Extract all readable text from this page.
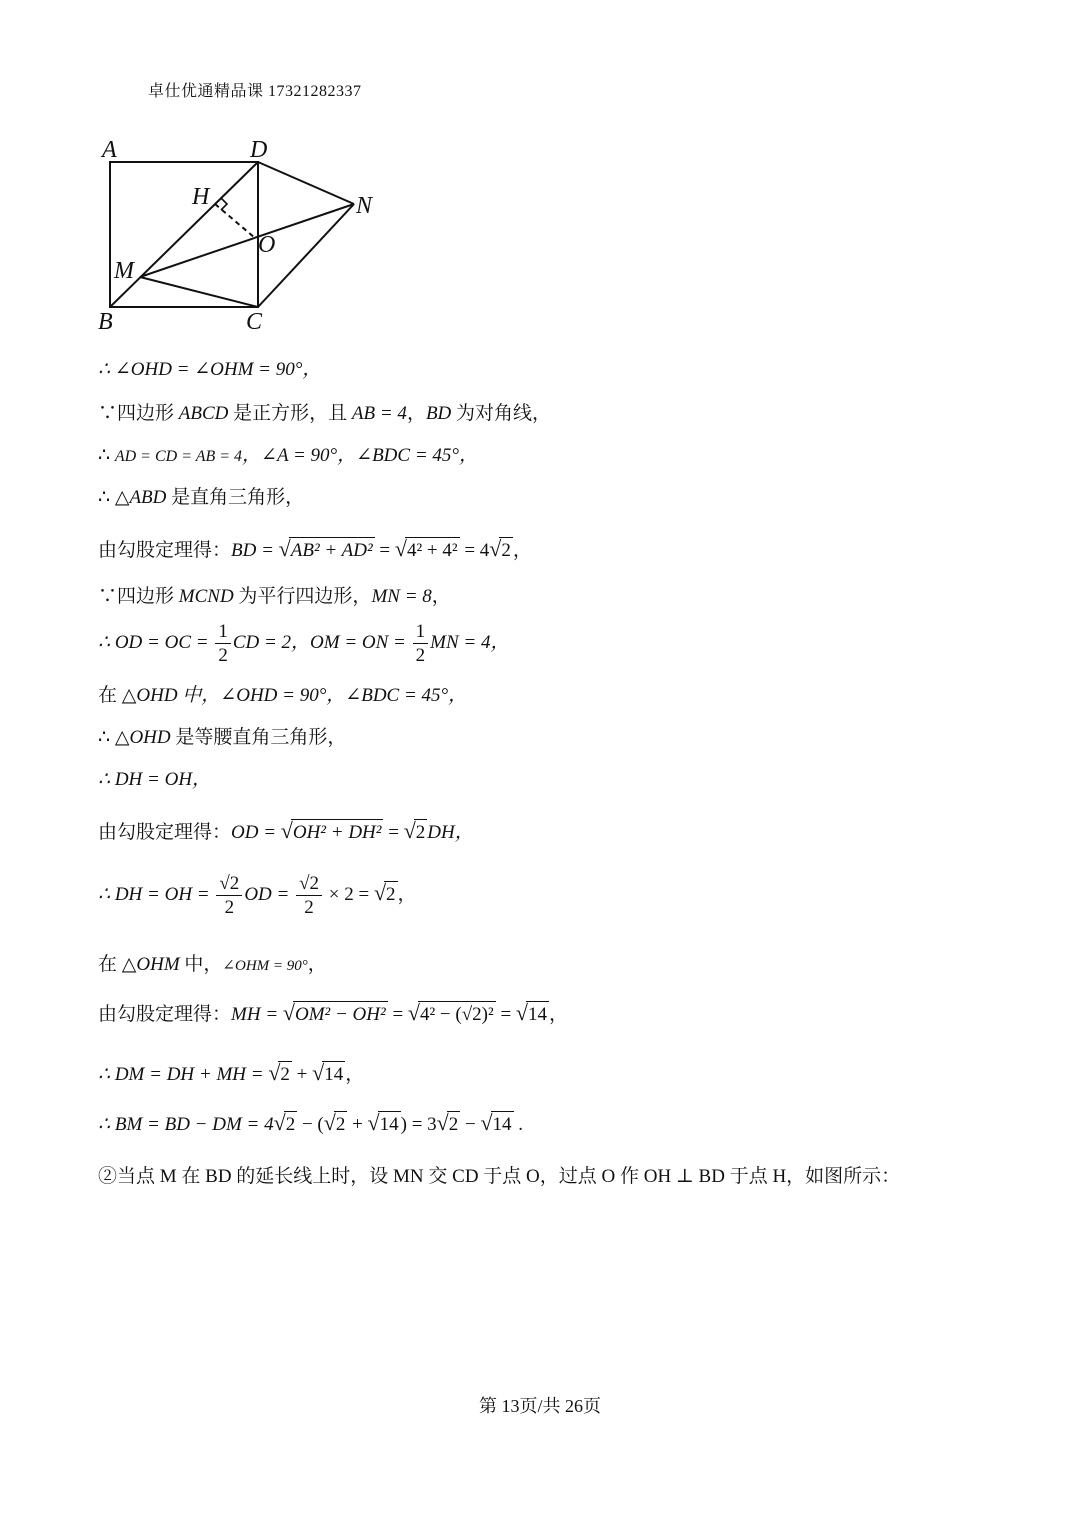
卓仕优通精品课 17321282337
A	D
H	N
O
M
B	C
∴ ∠OHD = ∠OHM = 90°，
∵四边形 ABCD 是正方形，且 AB = 4，BD 为对角线，
∴ AD = CD = AB = 4，∠A = 90°，∠BDC = 45°，
∴ △ABD 是直角三角形，
由勾股定理得：BD = √AB² + AD² = √4² + 4² = 4√2 ，
∵四边形 MCND 为平行四边形，MN = 8，
∴ OD = OC = $\frac{1}{2}$ CD = 2，OM = ON = $\frac{1}{2}$ MN = 4，
在 △OHD 中，∠OHD = 90°，∠BDC = 45°，
∴ △OHD 是等腰直角三角形，
∴ DH = OH，
由勾股定理得：OD = √OH² + DH² = √2 DH，
∴ DH = OH = $\frac{√2}{2}$ OD = $\frac{√2}{2} \times 2 = √2$ ，
在 △OHM 中，∠OHM = 90°，
由勾股定理得：MH = √OM² − OH² = √4² − (√2)² = √14 ，
∴ DM = DH + MH = √2 + √14 ，
∴ BM = BD − DM = 4√2 − (√2 + √14 ) = 3√2 − √14 .
②当点 M 在 BD 的延长线上时，设 MN 交 CD 于点 O，过点 O 作 OH ⊥ BD 于点 H，如图所示：
第 13页/共 26页
